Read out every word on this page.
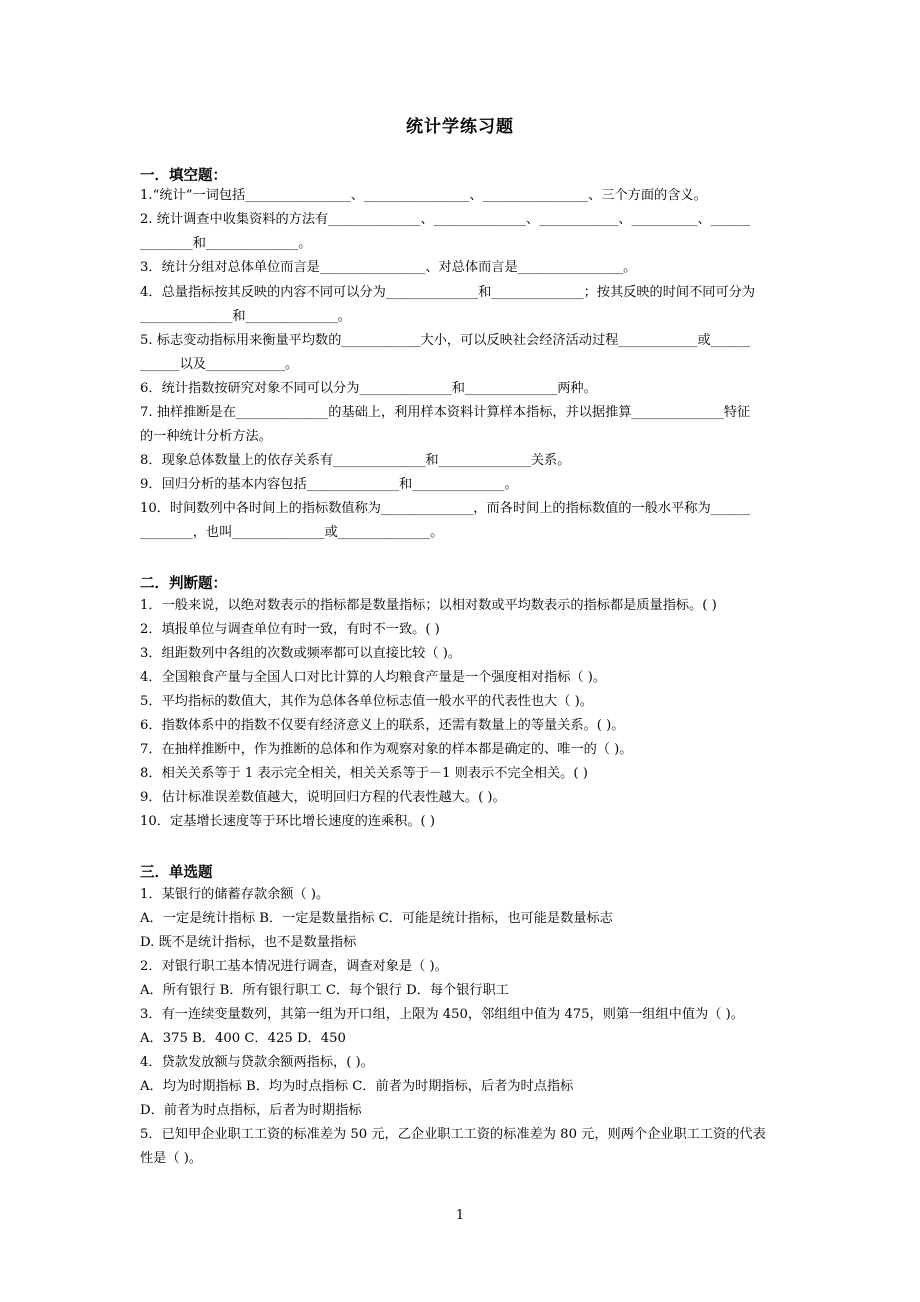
统计学练习题
一．填空题：
1.“统计”一词包括________________、________________、________________、三个方面的含义。
2. 统计调查中收集资料的方法有______________、______________、____________、__________、______
________和______________。
3．统计分组对总体单位而言是________________、对总体而言是________________。
4．总量指标按其反映的内容不同可以分为______________和______________；按其反映的时间不同可分为
______________和______________。
5. 标志变动指标用来衡量平均数的____________大小，可以反映社会经济活动过程____________或______
______以及____________。
6．统计指数按研究对象不同可以分为______________和______________两种。
7. 抽样推断是在______________的基础上，利用样本资料计算样本指标，并以据推算______________特征
的一种统计分析方法。
8．现象总体数量上的依存关系有______________和______________关系。
9．回归分析的基本内容包括______________和______________。
10．时间数列中各时间上的指标数值称为______________，而各时间上的指标数值的一般水平称为______
________，也叫______________或______________。
二．判断题：
1．一般来说，以绝对数表示的指标都是数量指标；以相对数或平均数表示的指标都是质量指标。( )
2．填报单位与调查单位有时一致，有时不一致。( )
3．组距数列中各组的次数或频率都可以直接比较（ )。
4．全国粮食产量与全国人口对比计算的人均粮食产量是一个强度相对指标（ )。
5．平均指标的数值大，其作为总体各单位标志值一般水平的代表性也大（ )。
6．指数体系中的指数不仅要有经济意义上的联系，还需有数量上的等量关系。( )。
7．在抽样推断中，作为推断的总体和作为观察对象的样本都是确定的、唯一的（ )。
8．相关关系等于 1 表示完全相关，相关关系等于－1 则表示不完全相关。( )
9．估计标准误差数值越大，说明回归方程的代表性越大。( )。
10．定基增长速度等于环比增长速度的连乘积。( )
三．单选题
1．某银行的储蓄存款余额（ )。
A．一定是统计指标 B．一定是数量指标 C．可能是统计指标，也可能是数量标志
D. 既不是统计指标，也不是数量指标
2．对银行职工基本情况进行调查，调查对象是（ )。
A．所有银行 B．所有银行职工 C．每个银行 D．每个银行职工
3．有一连续变量数列，其第一组为开口组，上限为 450，邻组组中值为 475，则第一组组中值为（ )。
A．375 B．400 C．425 D．450
4．贷款发放额与贷款余额两指标，( )。
A．均为时期指标 B．均为时点指标 C．前者为时期指标，后者为时点指标
D．前者为时点指标，后者为时期指标
5．已知甲企业职工工资的标准差为 50 元，乙企业职工工资的标准差为 80 元，则两个企业职工工资的代表
性是（ )。
1
